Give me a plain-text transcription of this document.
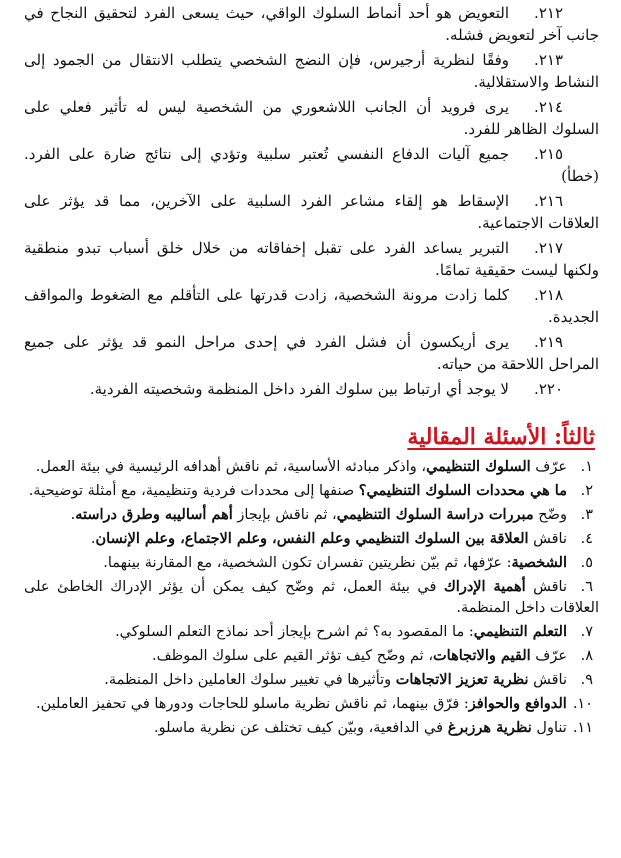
٢١٢.التعويض هو أحد أنماط السلوك الواقي، حيث يسعى الفرد لتحقيق النجاح في جانب آخر لتعويض فشله.

٢١٣.وفقًا لنظرية أرجيرس، فإن النضج الشخصي يتطلب الانتقال من الجمود إلى النشاط والاستقلالية.

٢١٤.يرى فرويد أن الجانب اللاشعوري من الشخصية ليس له تأثير فعلي على السلوك الظاهر للفرد.

٢١٥.جميع آليات الدفاع النفسي تُعتبر سلبية وتؤدي إلى نتائج ضارة على الفرد. (خطأ)

٢١٦.الإسقاط هو إلقاء مشاعر الفرد السلبية على الآخرين، مما قد يؤثر على العلاقات الاجتماعية.

٢١٧.التبرير يساعد الفرد على تقبل إخفاقاته من خلال خلق أسباب تبدو منطقية ولكنها ليست حقيقية تمامًا.

٢١٨.كلما زادت مرونة الشخصية، زادت قدرتها على التأقلم مع الضغوط والمواقف الجديدة.

٢١٩.يرى أريكسون أن فشل الفرد في إحدى مراحل النمو قد يؤثر على جميع المراحل اللاحقة من حياته.

٢٢٠.لا يوجد أي ارتباط بين سلوك الفرد داخل المنظمة وشخصيته الفردية.

ثالثاً: الأسئلة المقالية

١.عرّف السلوك التنظيمي، واذكر مبادئه الأساسية، ثم ناقش أهدافه الرئيسية في بيئة العمل.

٢.ما هي محددات السلوك التنظيمي؟ صنفها إلى محددات فردية وتنظيمية، مع أمثلة توضيحية.

٣.وضّح مبررات دراسة السلوك التنظيمي، ثم ناقش بإيجاز أهم أساليبه وطرق دراسته.

٤.ناقش العلاقة بين السلوك التنظيمي وعلم النفس، وعلم الاجتماع، وعلم الإنسان.

٥.الشخصية: عرّفها، ثم بيّن نظريتين تفسران تكون الشخصية، مع المقارنة بينهما.

٦.ناقش أهمية الإدراك في بيئة العمل، ثم وضّح كيف يمكن أن يؤثر الإدراك الخاطئ على العلاقات داخل المنظمة.

٧.التعلم التنظيمي: ما المقصود به؟ ثم اشرح بإيجاز أحد نماذج التعلم السلوكي.

٨.عرّف القيم والاتجاهات، ثم وضّح كيف تؤثر القيم على سلوك الموظف.

٩.ناقش نظرية تعزيز الاتجاهات وتأثيرها في تغيير سلوك العاملين داخل المنظمة.

١٠.الدوافع والحوافز: فرّق بينهما، ثم ناقش نظرية ماسلو للحاجات ودورها في تحفيز العاملين.

١١.تناول نظرية هرزبرغ في الدافعية، وبيّن كيف تختلف عن نظرية ماسلو.
